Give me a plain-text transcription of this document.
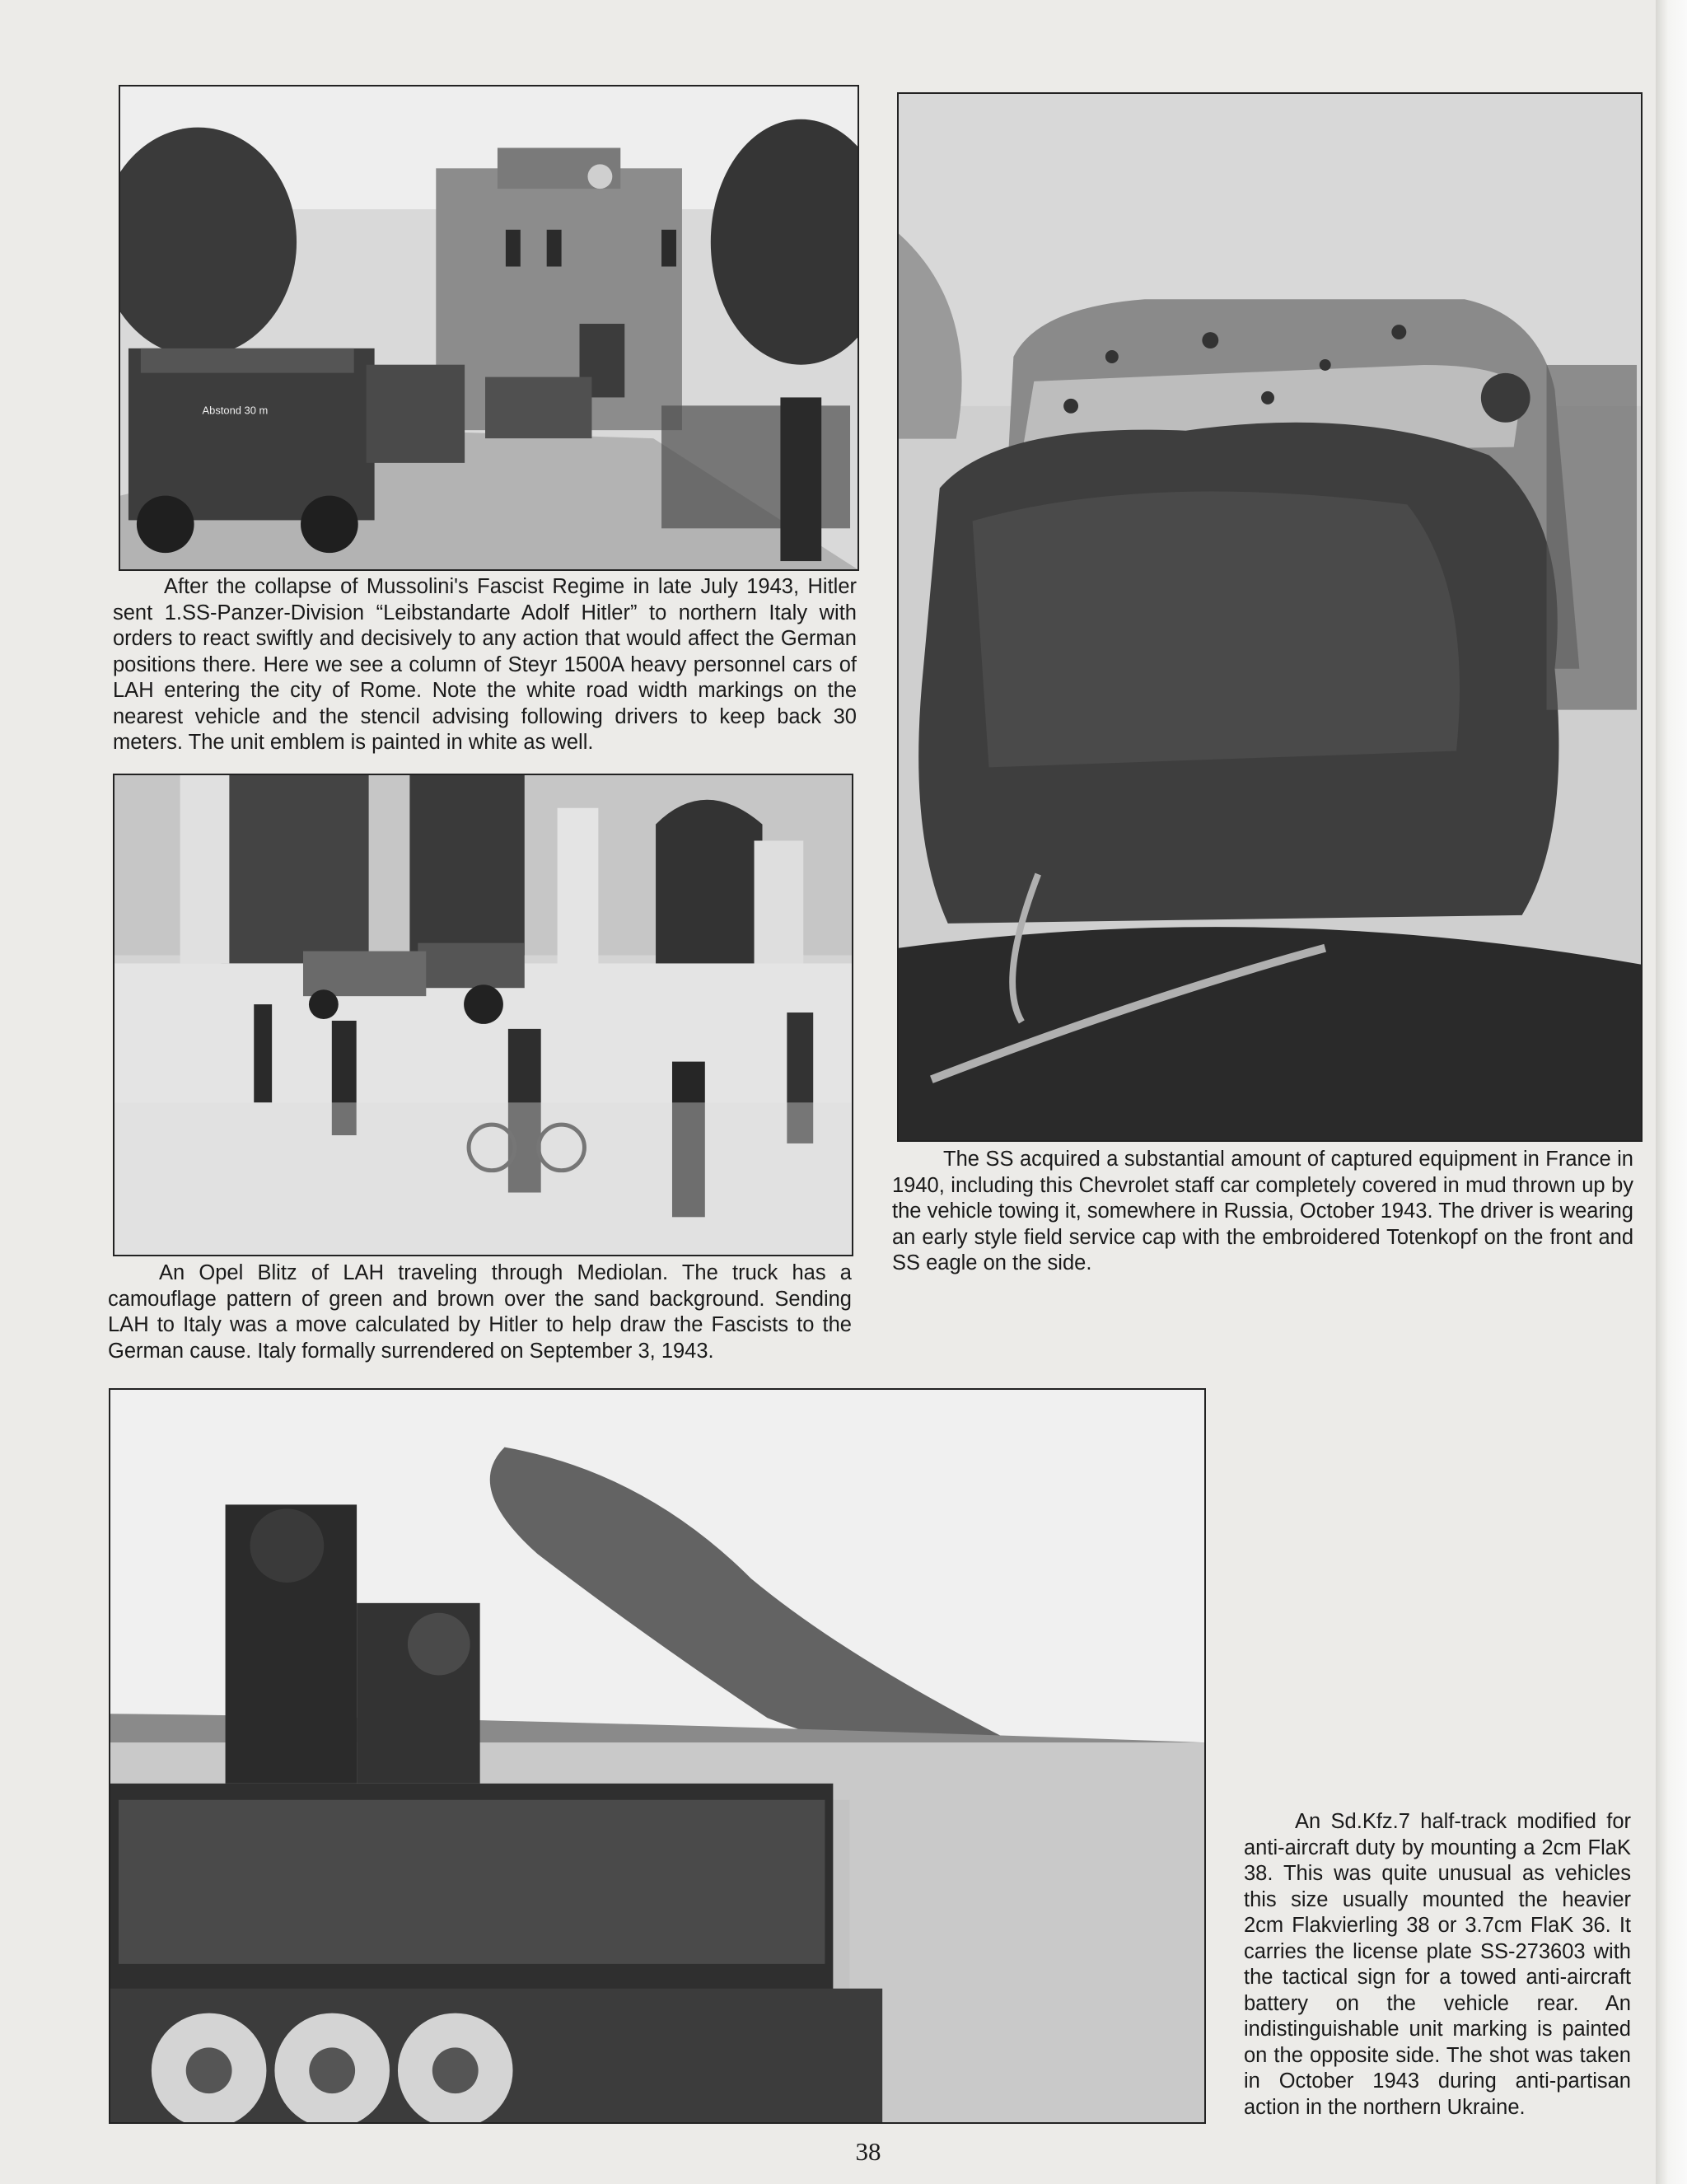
Abstond 30 m

After the collapse of Mussolini's Fascist Regime in late July 1943, Hitler sent 1.SS-Panzer-Division “Leibstandarte Adolf Hitler” to northern Italy with orders to react swiftly and decisively to any action that would affect the German positions there. Here we see a column of Steyr 1500A heavy personnel cars of LAH entering the city of Rome. Note the white road width markings on the nearest vehicle and the stencil advising following drivers to keep back 30 meters. The unit emblem is painted in white as well.

An Opel Blitz of LAH traveling through Mediolan. The truck has a camouflage pattern of green and brown over the sand background. Sending LAH to Italy was a move calculated by Hitler to help draw the Fascists to the German cause. Italy formally surrendered on September 3, 1943.

The SS acquired a substantial amount of captured equipment in France in 1940, including this Chevrolet staff car completely covered in mud thrown up by the vehicle towing it, somewhere in Russia, October 1943. The driver is wearing an early style field service cap with the embroidered Totenkopf on the front and SS eagle on the side.

An Sd.Kfz.7 half-track modified for anti-aircraft duty by mounting a 2cm FlaK 38. This was quite unusual as vehicles this size usually mounted the heavier 2cm Flakvierling 38 or 3.7cm FlaK 36. It carries the license plate SS-273603 with the tactical sign for a towed anti-aircraft battery on the vehicle rear. An indistinguishable unit marking is painted on the opposite side. The shot was taken in October 1943 during anti-partisan action in the northern Ukraine.

38
